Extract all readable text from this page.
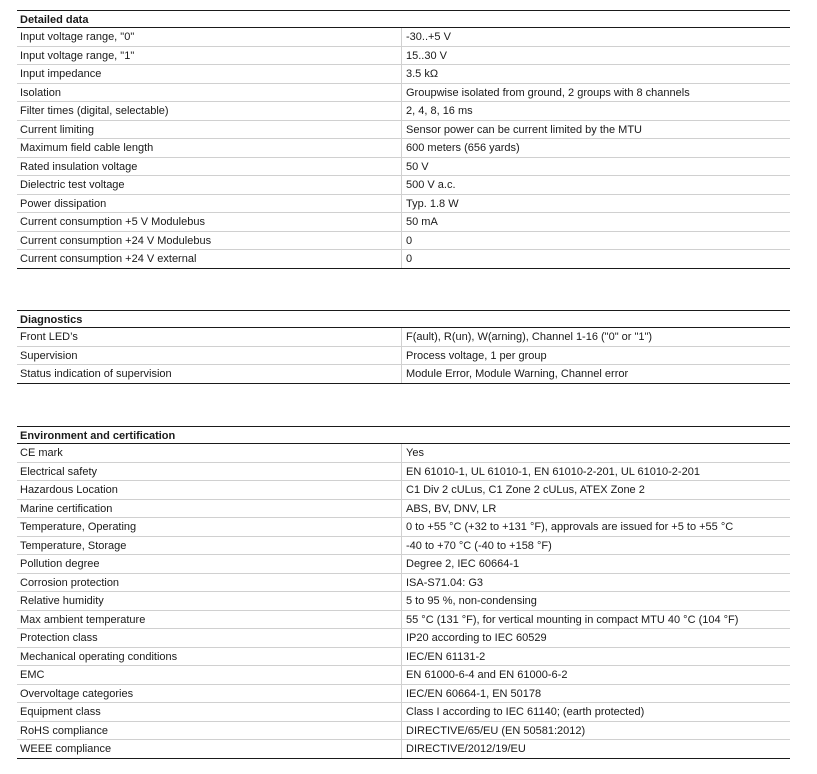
Detailed data
Input voltage range, "0"	-30..+5 V
Input voltage range, "1"	15..30 V
Input impedance	3.5 kΩ
Isolation	Groupwise isolated from ground, 2 groups with 8 channels
Filter times (digital, selectable)	2, 4, 8, 16 ms
Current limiting	Sensor power can be current limited by the MTU
Maximum field cable length	600 meters (656 yards)
Rated insulation voltage	50 V
Dielectric test voltage	500 V a.c.
Power dissipation	Typ. 1.8 W
Current consumption +5 V Modulebus	50 mA
Current consumption +24 V Modulebus	0
Current consumption +24 V external	0
Diagnostics
Front LED’s	F(ault), R(un), W(arning), Channel 1-16 ("0" or "1")
Supervision	Process voltage, 1 per group
Status indication of supervision	Module Error, Module Warning, Channel error
Environment and certification
CE mark	Yes
Electrical safety	EN 61010-1, UL 61010-1, EN 61010-2-201, UL 61010-2-201
Hazardous Location	C1 Div 2 cULus, C1 Zone 2 cULus, ATEX Zone 2
Marine certification	ABS, BV, DNV, LR
Temperature, Operating	0 to +55 °C (+32 to +131 °F), approvals are issued for +5 to +55 °C
Temperature, Storage	-40 to +70 °C (-40 to +158 °F)
Pollution degree	Degree 2, IEC 60664-1
Corrosion protection	ISA-S71.04: G3
Relative humidity	5 to 95 %, non-condensing
Max ambient temperature	55 °C (131 °F), for vertical mounting in compact MTU 40 °C (104 °F)
Protection class	IP20 according to IEC 60529
Mechanical operating conditions	IEC/EN 61131-2
EMC	EN 61000-6-4 and EN 61000-6-2
Overvoltage categories	IEC/EN 60664-1, EN 50178
Equipment class	Class I according to IEC 61140; (earth protected)
RoHS compliance	DIRECTIVE/65/EU (EN 50581:2012)
WEEE compliance	DIRECTIVE/2012/19/EU
